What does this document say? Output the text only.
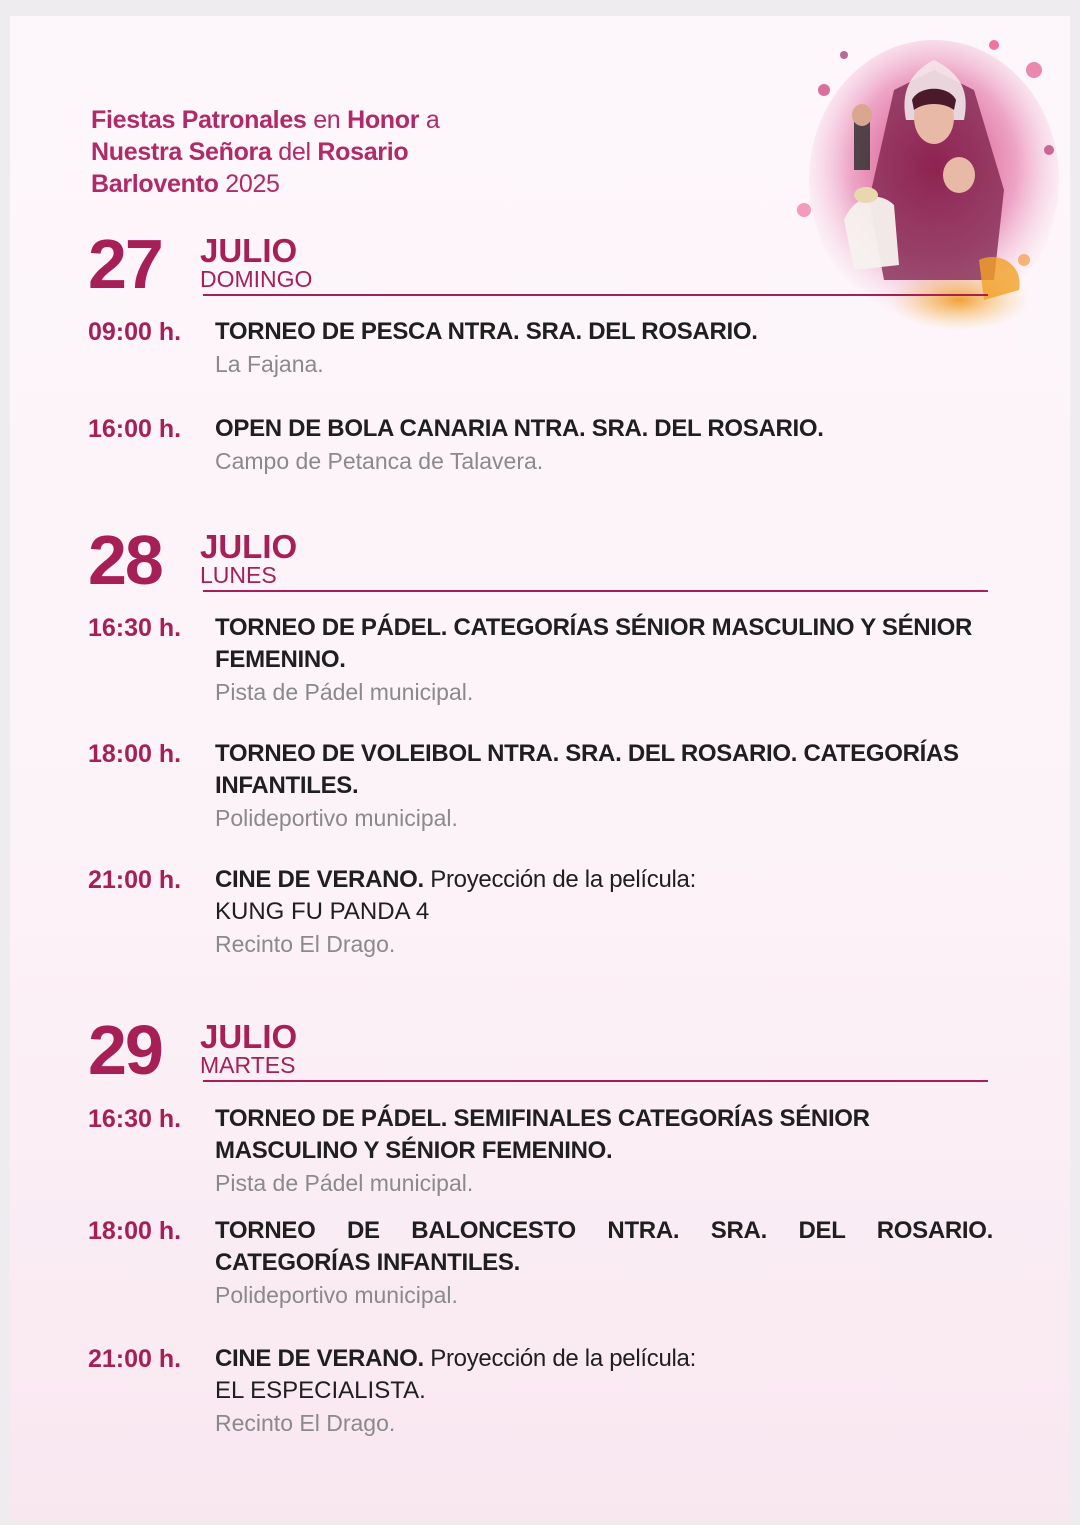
Fiestas Patronales en Honor a
Nuestra Señora del Rosario
Barlovento 2025
27 JULIO
DOMINGO
09:00 h. TORNEO DE PESCA NTRA. SRA. DEL ROSARIO.
La Fajana.
16:00 h. OPEN DE BOLA CANARIA NTRA. SRA. DEL ROSARIO.
Campo de Petanca de Talavera.
28 JULIO
LUNES
16:30 h. TORNEO DE PÁDEL. CATEGORÍAS SÉNIOR MASCULINO Y SÉNIOR FEMENINO.
Pista de Pádel municipal.
18:00 h. TORNEO DE VOLEIBOL NTRA. SRA. DEL ROSARIO. CATEGORÍAS INFANTILES.
Polideportivo municipal.
21:00 h. CINE DE VERANO. Proyección de la película:
KUNG FU PANDA 4
Recinto El Drago.
29 JULIO
MARTES
16:30 h. TORNEO DE PÁDEL. SEMIFINALES CATEGORÍAS SÉNIOR MASCULINO Y SÉNIOR FEMENINO.
Pista de Pádel municipal.
18:00 h. TORNEO DE BALONCESTO NTRA. SRA. DEL ROSARIO. CATEGORÍAS INFANTILES.
Polideportivo municipal.
21:00 h. CINE DE VERANO. Proyección de la película:
EL ESPECIALISTA.
Recinto El Drago.
